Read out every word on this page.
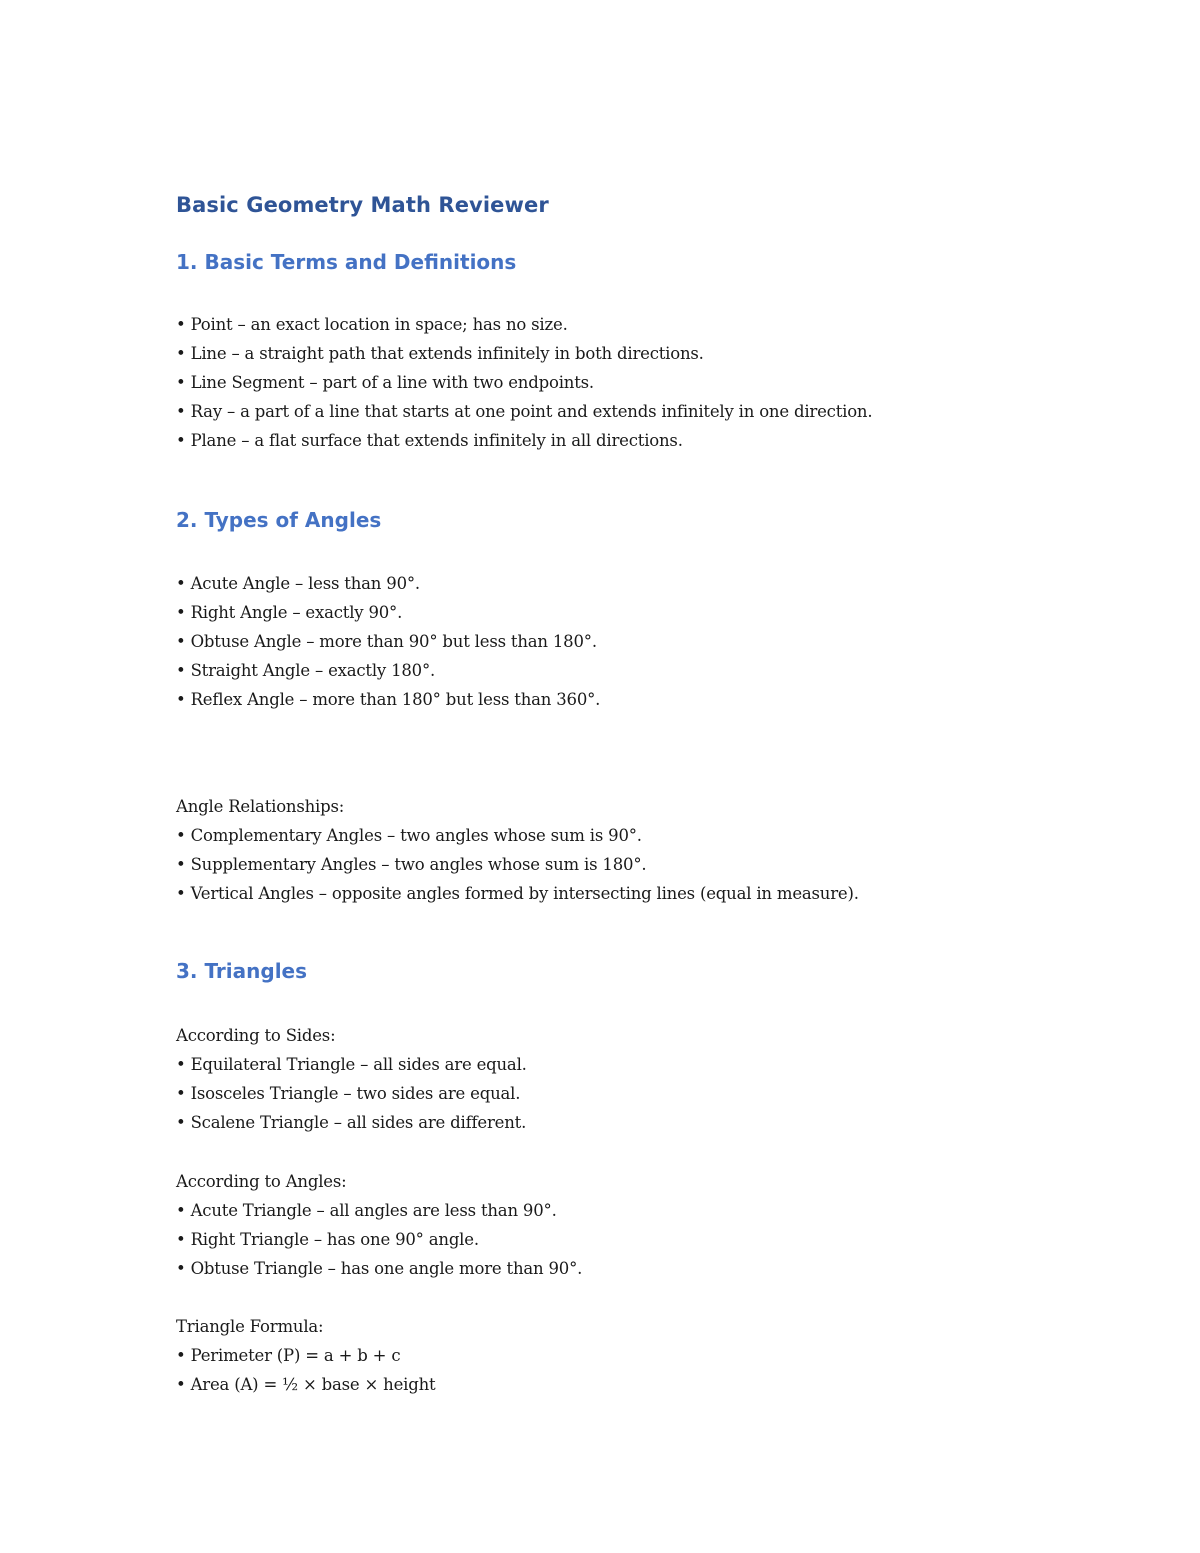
Basic Geometry Math Reviewer
1. Basic Terms and Definitions
• Point – an exact location in space; has no size.
• Line – a straight path that extends infinitely in both directions.
• Line Segment – part of a line with two endpoints.
• Ray – a part of a line that starts at one point and extends infinitely in one direction.
• Plane – a flat surface that extends infinitely in all directions.
2. Types of Angles
• Acute Angle – less than 90°.
• Right Angle – exactly 90°.
• Obtuse Angle – more than 90° but less than 180°.
• Straight Angle – exactly 180°.
• Reflex Angle – more than 180° but less than 360°.
Angle Relationships:
• Complementary Angles – two angles whose sum is 90°.
• Supplementary Angles – two angles whose sum is 180°.
• Vertical Angles – opposite angles formed by intersecting lines (equal in measure).
3. Triangles
According to Sides:
• Equilateral Triangle – all sides are equal.
• Isosceles Triangle – two sides are equal.
• Scalene Triangle – all sides are different.
According to Angles:
• Acute Triangle – all angles are less than 90°.
• Right Triangle – has one 90° angle.
• Obtuse Triangle – has one angle more than 90°.
Triangle Formula:
• Perimeter (P) = a + b + c
• Area (A) = ½ × base × height
